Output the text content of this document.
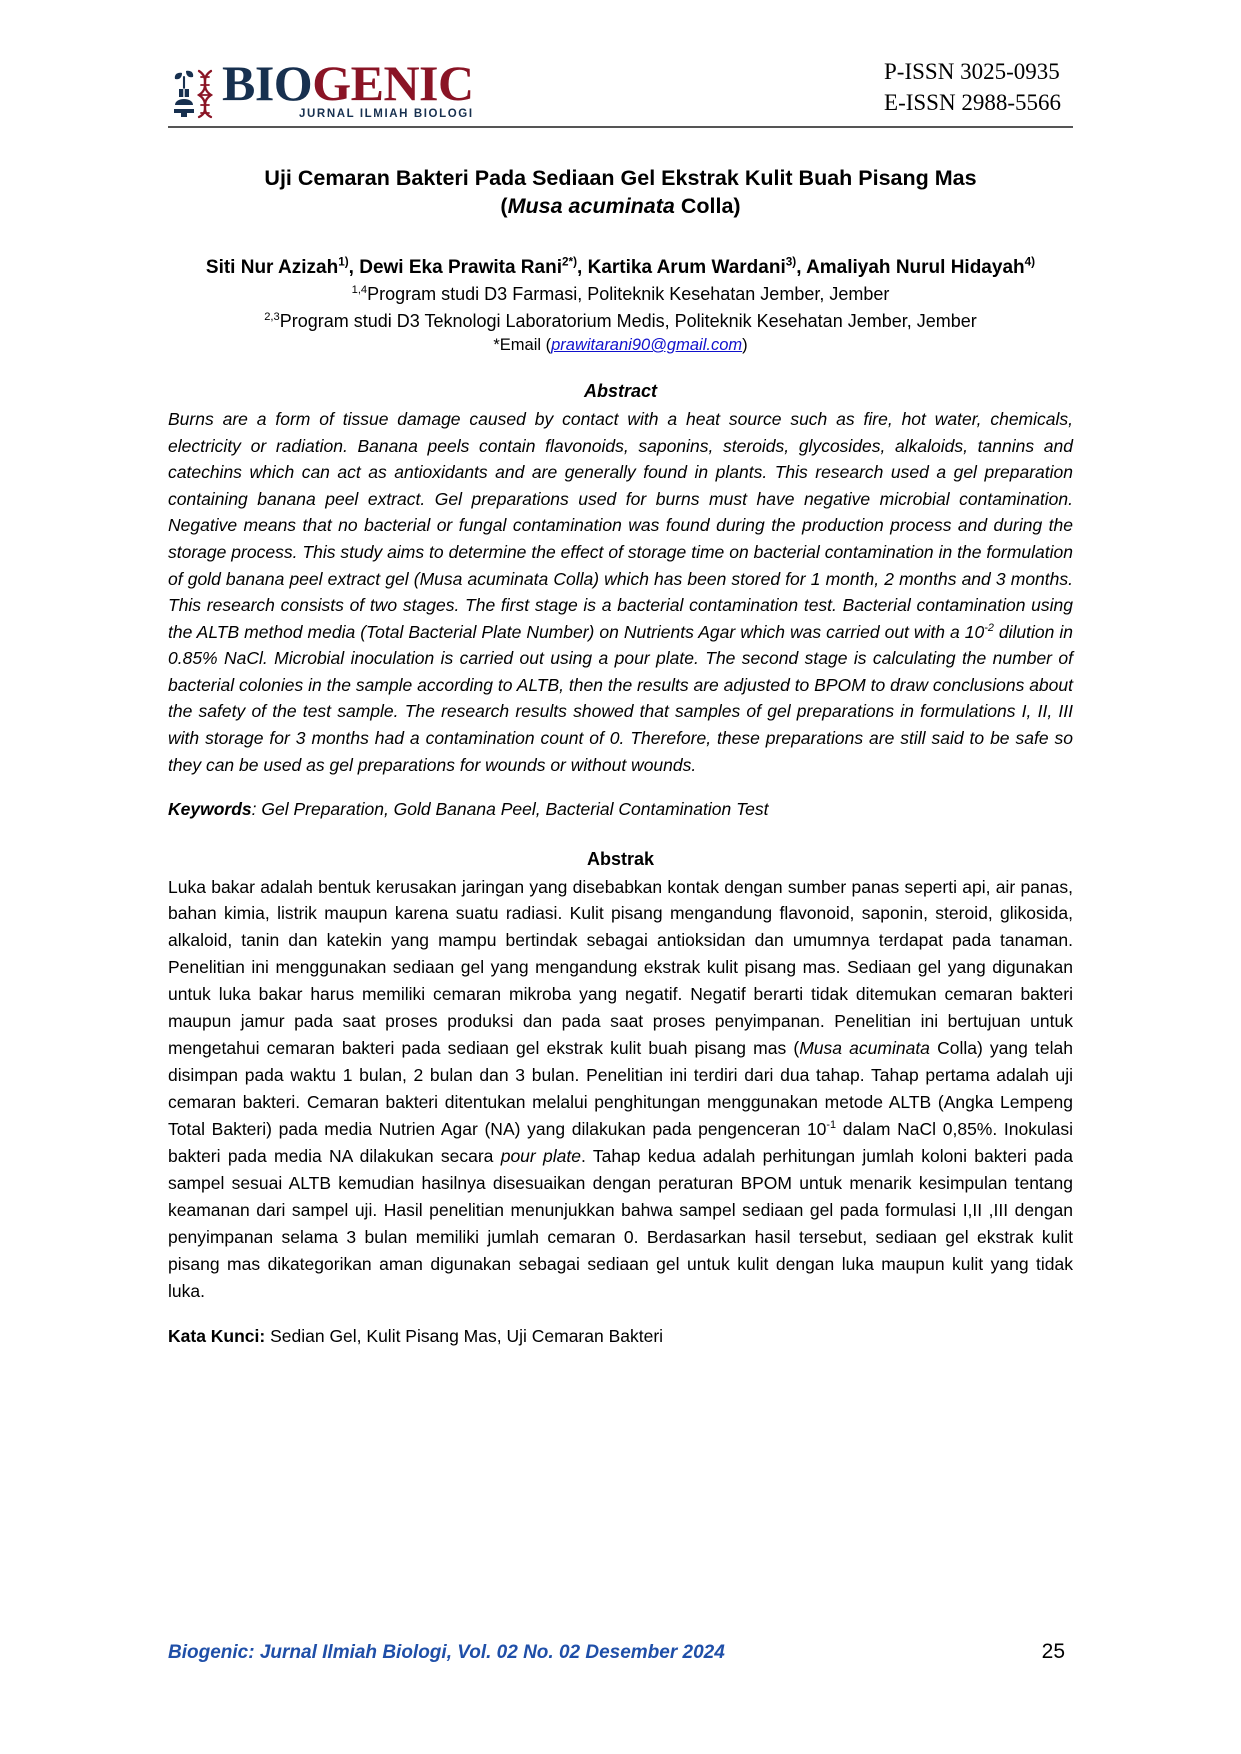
BIOGENIC
JURNAL ILMIAH BIOLOGI
P-ISSN 3025-0935
E-ISSN 2988-5566
Uji Cemaran Bakteri Pada Sediaan Gel Ekstrak Kulit Buah Pisang Mas
(Musa acuminata Colla)
Siti Nur Azizah$^{1)}$, Dewi Eka Prawita Rani$^{2*)}$, Kartika Arum Wardani$^{3)}$, Amaliyah Nurul Hidayah$^{4)}$
$^{1,4}$Program studi D3 Farmasi, Politeknik Kesehatan Jember, Jember
$^{2,3}$Program studi D3 Teknologi Laboratorium Medis, Politeknik Kesehatan Jember, Jember
*Email (prawitarani90@gmail.com)
Abstract
Burns are a form of tissue damage caused by contact with a heat source such as fire, hot water, chemicals, electricity or radiation. Banana peels contain flavonoids, saponins, steroids, glycosides, alkaloids, tannins and catechins which can act as antioxidants and are generally found in plants. This research used a gel preparation containing banana peel extract. Gel preparations used for burns must have negative microbial contamination. Negative means that no bacterial or fungal contamination was found during the production process and during the storage process. This study aims to determine the effect of storage time on bacterial contamination in the formulation of gold banana peel extract gel (Musa acuminata Colla) which has been stored for 1 month, 2 months and 3 months. This research consists of two stages. The first stage is a bacterial contamination test. Bacterial contamination using the ALTB method media (Total Bacterial Plate Number) on Nutrients Agar which was carried out with a $10^{-2}$ dilution in 0.85% NaCl. Microbial inoculation is carried out using a pour plate. The second stage is calculating the number of bacterial colonies in the sample according to ALTB, then the results are adjusted to BPOM to draw conclusions about the safety of the test sample. The research results showed that samples of gel preparations in formulations I, II, III with storage for 3 months had a contamination count of 0. Therefore, these preparations are still said to be safe so they can be used as gel preparations for wounds or without wounds.
Keywords: Gel Preparation, Gold Banana Peel, Bacterial Contamination Test
Abstrak
Luka bakar adalah bentuk kerusakan jaringan yang disebabkan kontak dengan sumber panas seperti api, air panas, bahan kimia, listrik maupun karena suatu radiasi. Kulit pisang mengandung flavonoid, saponin, steroid, glikosida, alkaloid, tanin dan katekin yang mampu bertindak sebagai antioksidan dan umumnya terdapat pada tanaman. Penelitian ini menggunakan sediaan gel yang mengandung ekstrak kulit pisang mas. Sediaan gel yang digunakan untuk luka bakar harus memiliki cemaran mikroba yang negatif. Negatif berarti tidak ditemukan cemaran bakteri maupun jamur pada saat proses produksi dan pada saat proses penyimpanan. Penelitian ini bertujuan untuk mengetahui cemaran bakteri pada sediaan gel ekstrak kulit buah pisang mas (Musa acuminata Colla) yang telah disimpan pada waktu 1 bulan, 2 bulan dan 3 bulan. Penelitian ini terdiri dari dua tahap. Tahap pertama adalah uji cemaran bakteri. Cemaran bakteri ditentukan melalui penghitungan menggunakan metode ALTB (Angka Lempeng Total Bakteri) pada media Nutrien Agar (NA) yang dilakukan pada pengenceran $10^{-1}$ dalam NaCl 0,85%. Inokulasi bakteri pada media NA dilakukan secara pour plate. Tahap kedua adalah perhitungan jumlah koloni bakteri pada sampel sesuai ALTB kemudian hasilnya disesuaikan dengan peraturan BPOM untuk menarik kesimpulan tentang keamanan dari sampel uji. Hasil penelitian menunjukkan bahwa sampel sediaan gel pada formulasi I,II ,III dengan penyimpanan selama 3 bulan memiliki jumlah cemaran 0. Berdasarkan hasil tersebut, sediaan gel ekstrak kulit pisang mas dikategorikan aman digunakan sebagai sediaan gel untuk kulit dengan luka maupun kulit yang tidak luka.
Kata Kunci: Sedian Gel, Kulit Pisang Mas, Uji Cemaran Bakteri
Biogenic: Jurnal Ilmiah Biologi, Vol. 02 No. 02 Desember 2024	25
